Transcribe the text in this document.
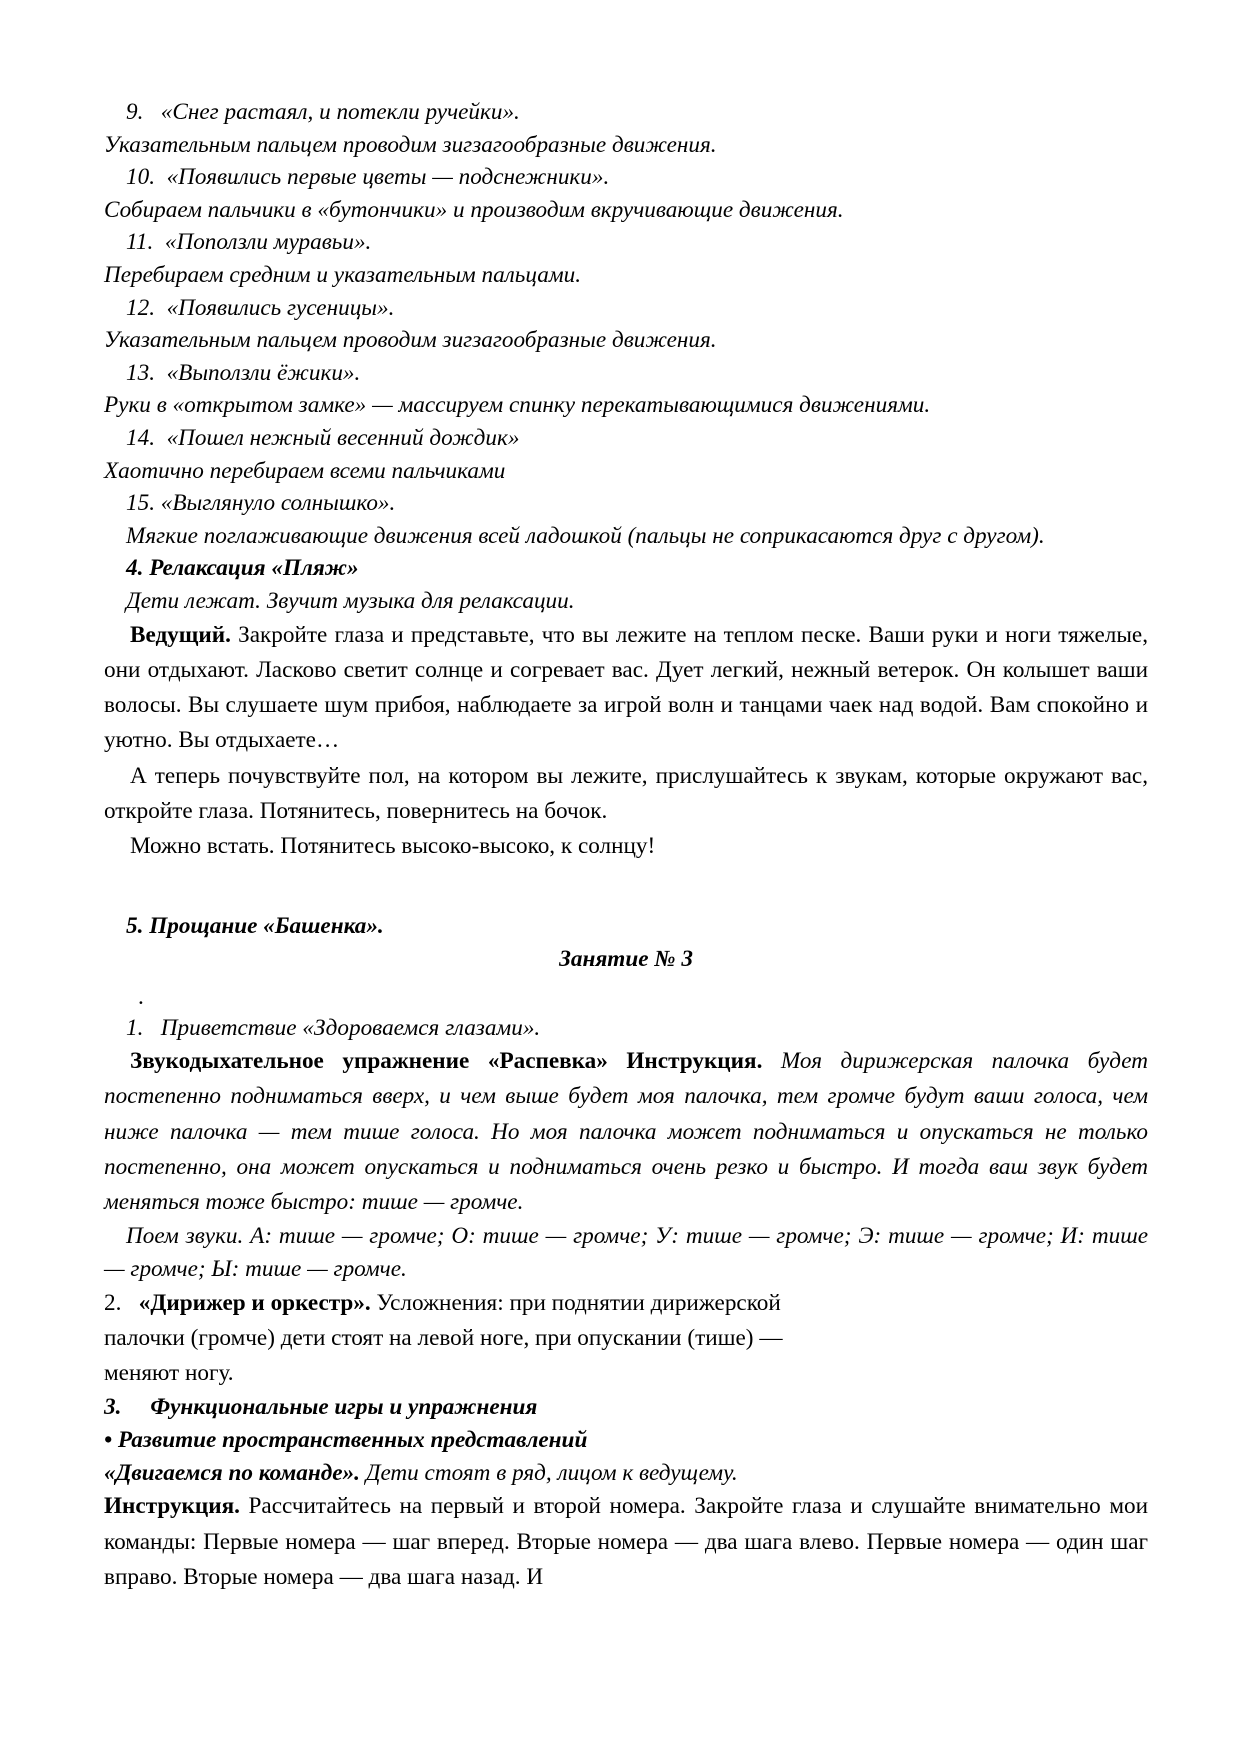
9. «Снег растаял, и потекли ручейки».

Указательным пальцем проводим зигзагообразные движения.

10. «Появились первые цветы — подснежники».

Собираем пальчики в «бутончики» и производим вкручивающие движения.

11. «Поползли муравьи».

Перебираем средним и указательным пальцами.

12. «Появились гусеницы».

Указательным пальцем проводим зигзагообразные движения.

13. «Выползли ёжики».

Руки в «открытом замке» — массируем спинку перекатывающимися движениями.

14. «Пошел нежный весенний дождик»

Хаотично перебираем всеми пальчиками

15. «Выглянуло солнышко».

Мягкие поглаживающие движения всей ладошкой (пальцы не соприкасаются друг с другом).

4. Релаксация «Пляж»

Дети лежат. Звучит музыка для релаксации.

Ведущий. Закройте глаза и представьте, что вы лежите на теплом песке. Ваши руки и ноги тяжелые, они отдыхают. Ласково светит солнце и согревает вас. Дует легкий, нежный ветерок. Он колышет ваши волосы. Вы слушаете шум прибоя, наблюдаете за игрой волн и танцами чаек над водой. Вам спокойно и уютно. Вы отдыхаете…

А теперь почувствуйте пол, на котором вы лежите, прислушайтесь к звукам, которые окружают вас, откройте глаза. Потянитесь, повернитесь на бочок.

Можно встать. Потянитесь высоко-высоко, к солнцу!

5. Прощание «Башенка».

Занятие № 3

.

1. Приветствие «Здороваемся глазами».

Звукодыхательное упражнение «Распевка» Инструкция. Моя дирижерская палочка будет постепенно подниматься вверх, и чем выше будет моя палочка, тем громче будут ваши голоса, чем ниже палочка — тем тише голоса. Но моя палочка может подниматься и опускаться не только постепенно, она может опускаться и подниматься очень резко и быстро. И тогда ваш звук будет меняться тоже быстро: тише — громче.

Поем звуки. А: тише — громче; О: тише — громче; У: тише — громче; Э: тише — громче; И: тише — громче; Ы: тише — громче.

2. «Дирижер и оркестр». Усложнения: при поднятии дирижерской

палочки (громче) дети стоят на левой ноге, при опускании (тише) —

меняют ногу.

3. Функциональные игры и упражнения

• Развитие пространственных представлений

«Двигаемся по команде». Дети стоят в ряд, лицом к ведущему.

Инструкция. Рассчитайтесь на первый и второй номера. Закройте глаза и слушайте внимательно мои команды: Первые номера — шаг вперед. Вторые номера — два шага влево. Первые номера — один шаг вправо. Вторые номера — два шага назад. И
